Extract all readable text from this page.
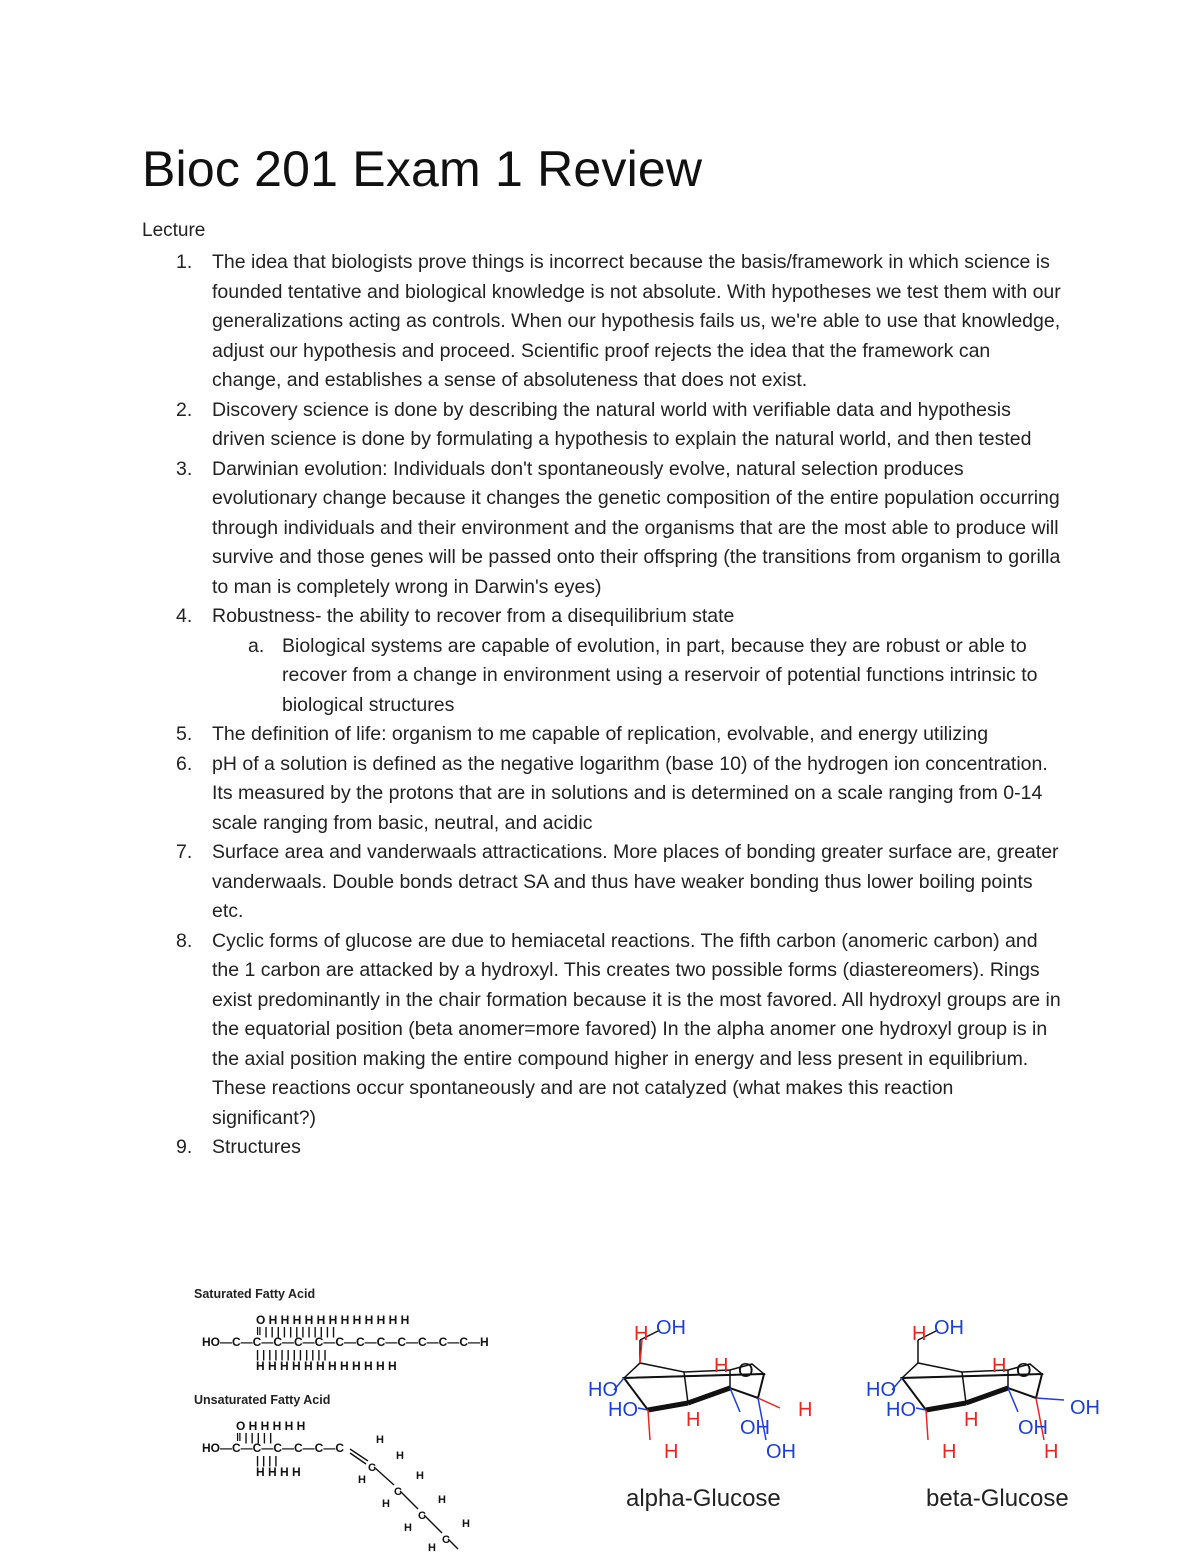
Bioc 201 Exam 1 Review
Lecture
1. The idea that biologists prove things is incorrect because the basis/framework in which science is founded tentative and biological knowledge is not absolute. With hypotheses we test them with our generalizations acting as controls. When our hypothesis fails us, we're able to use that knowledge, adjust our hypothesis and proceed. Scientific proof rejects the idea that the framework can change, and establishes a sense of absoluteness that does not exist.
2. Discovery science is done by describing the natural world with verifiable data and hypothesis driven science is done by formulating a hypothesis to explain the natural world, and then tested
3. Darwinian evolution: Individuals don't spontaneously evolve, natural selection produces evolutionary change because it changes the genetic composition of the entire population occurring through individuals and their environment and the organisms that are the most able to produce will survive and those genes will be passed onto their offspring (the transitions from organism to gorilla to man is completely wrong in Darwin's eyes)
4. Robustness- the ability to recover from a disequilibrium state
a. Biological systems are capable of evolution, in part, because they are robust or able to recover from a change in environment using a reservoir of potential functions intrinsic to biological structures
5. The definition of life: organism to me capable of replication, evolvable, and energy utilizing
6. pH of a solution is defined as the negative logarithm (base 10) of the hydrogen ion concentration. Its measured by the protons that are in solutions and is determined on a scale ranging from 0-14 scale ranging from basic, neutral, and acidic
7. Surface area and vanderwaals attractications. More places of bonding greater surface are, greater vanderwaals. Double bonds detract SA and thus have weaker bonding thus lower boiling points etc.
8. Cyclic forms of glucose are due to hemiacetal reactions. The fifth carbon (anomeric carbon) and the 1 carbon are attacked by a hydroxyl. This creates two possible forms (diastereomers). Rings exist predominantly in the chair formation because it is the most favored. All hydroxyl groups are in the equatorial position (beta anomer=more favored) In the alpha anomer one hydroxyl group is in the axial position making the entire compound higher in energy and less present in equilibrium. These reactions occur spontaneously and are not catalyzed (what makes this reaction significant?)
9. Structures
Saturated Fatty Acid
O H H H H H H H H H H H H
‖ | | | | | | | | | | | |
HO—C—C—C—C—C—C—C—C—C—C—C—C—H
| | | | | | | | | | | |
H H H H H H H H H H H H
Unsaturated Fatty Acid
O H H H H H
‖ | | | | |
HO—C—C—C—C—C—C
| | | |
H H H H	C
C
C
C
H
H
H	H
H	H
H	H
H
H OH
H O
HO
HO H OH
H
H	OH
alpha-Glucose
H OH
H O
HO
HO H OH
OH
H	H
beta-Glucose
